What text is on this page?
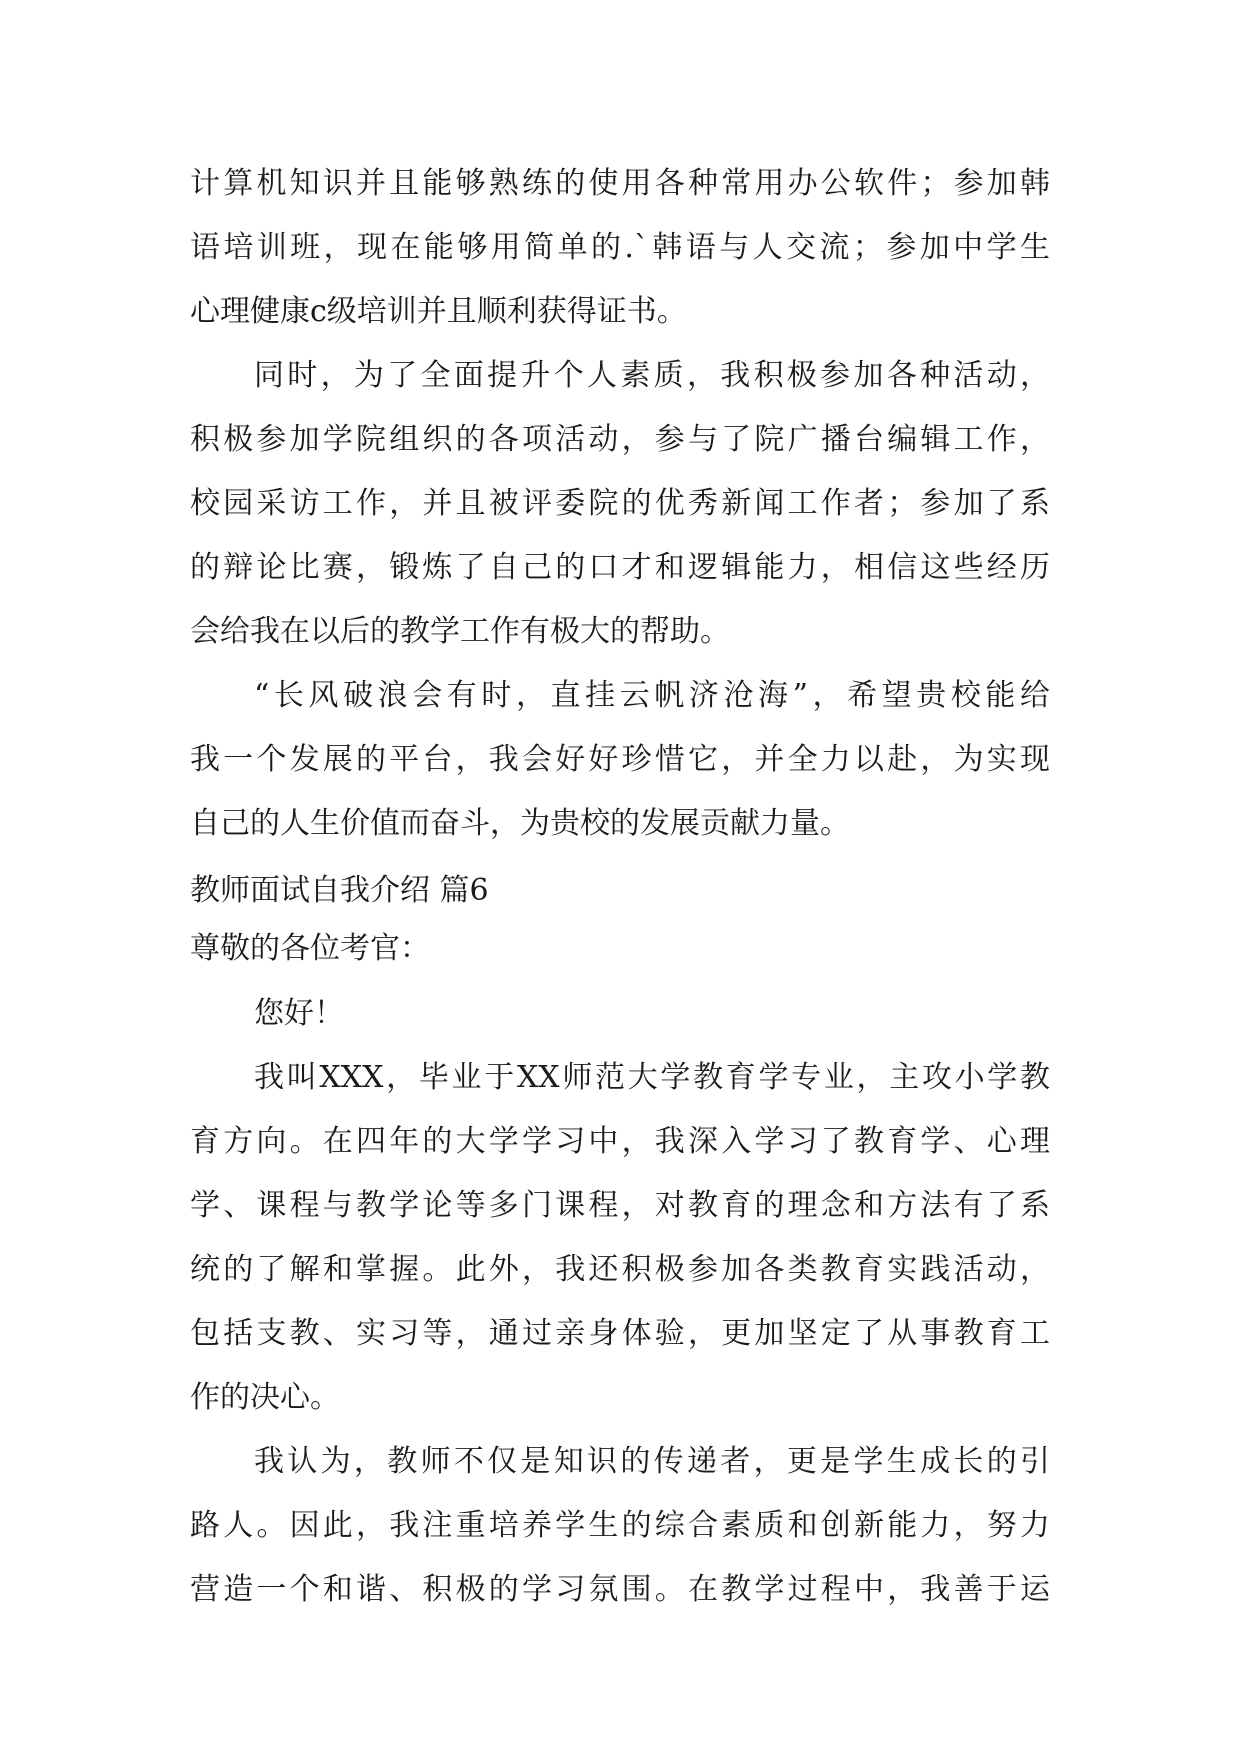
计算机知识并且能够熟练的使用各种常用办公软件；参加韩
语培训班，现在能够用简单的.`韩语与人交流；参加中学生
心理健康c级培训并且顺利获得证书。
同时，为了全面提升个人素质，我积极参加各种活动，
积极参加学院组织的各项活动，参与了院广播台编辑工作，
校园采访工作，并且被评委院的优秀新闻工作者；参加了系
的辩论比赛，锻炼了自己的口才和逻辑能力，相信这些经历
会给我在以后的教学工作有极大的帮助。
“长风破浪会有时，直挂云帆济沧海”，希望贵校能给
我一个发展的平台，我会好好珍惜它，并全力以赴，为实现
自己的人生价值而奋斗，为贵校的发展贡献力量。
教师面试自我介绍 篇6
尊敬的各位考官：
您好！
我叫XXX，毕业于XX师范大学教育学专业，主攻小学教
育方向。在四年的大学学习中，我深入学习了教育学、心理
学、课程与教学论等多门课程，对教育的理念和方法有了系
统的了解和掌握。此外，我还积极参加各类教育实践活动，
包括支教、实习等，通过亲身体验，更加坚定了从事教育工
作的决心。
我认为，教师不仅是知识的传递者，更是学生成长的引
路人。因此，我注重培养学生的综合素质和创新能力，努力
营造一个和谐、积极的学习氛围。在教学过程中，我善于运
